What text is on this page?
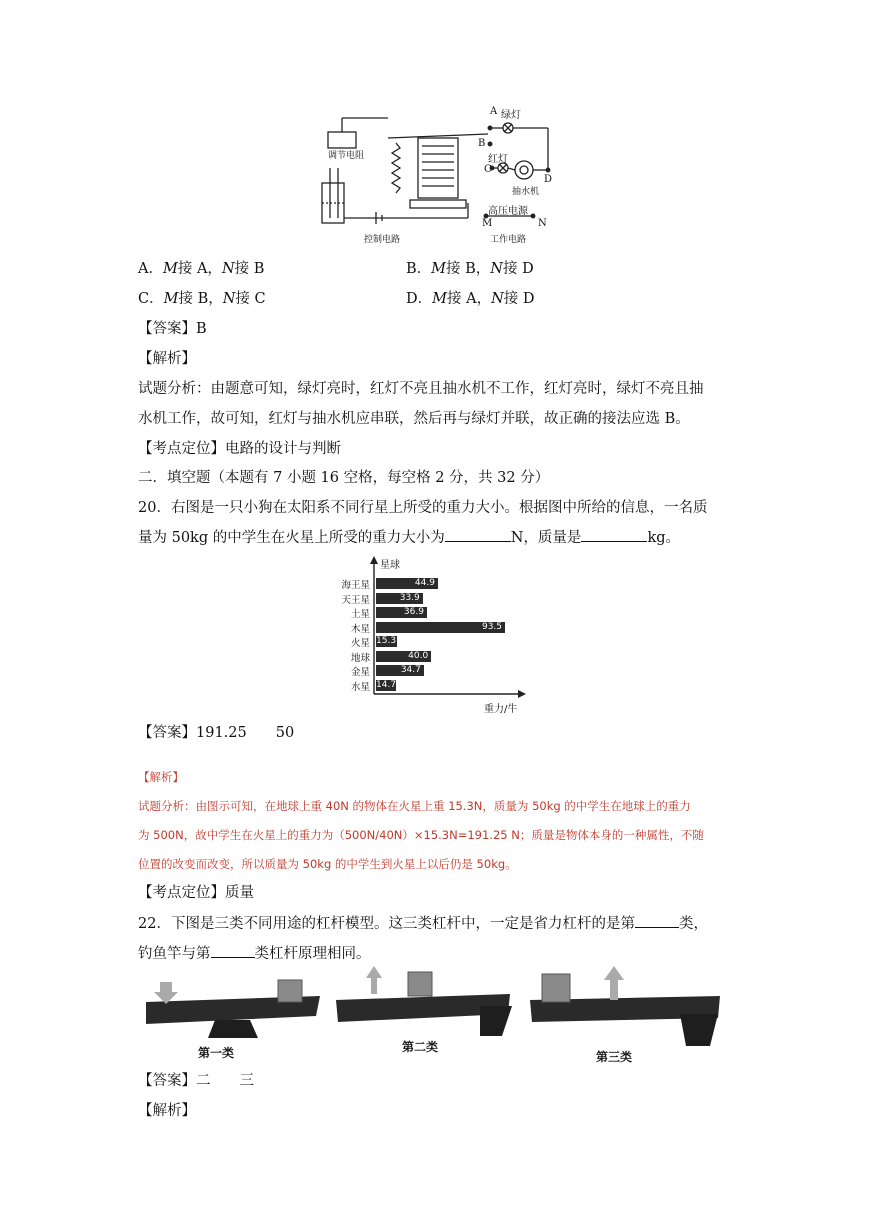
A 绿灯
B
红灯
C
D
抽水机
调节电阻
高压电源
M	N
控制电路	工作电路
A．M接 A，N接 B	B．M接 B，N接 D
C．M接 B，N接 C	D．M接 A，N接 D
【答案】B
【解析】
试题分析：由题意可知，绿灯亮时，红灯不亮且抽水机不工作，红灯亮时，绿灯不亮且抽
水机工作，故可知，红灯与抽水机应串联，然后再与绿灯并联，故正确的接法应选 B。
【考点定位】电路的设计与判断
二．填空题（本题有 7 小题 16 空格，每空格 2 分，共 32 分）
20．右图是一只小狗在太阳系不同行星上所受的重力大小。根据图中所给的信息，一名质
量为 50kg 的中学生在火星上所受的重力大小为	N，质量是	kg。
星球
重力/牛
海王星	44.9
天王星	33.9
土星	36.9
木星	93.5
火星 15.3
地球	40.0
金星	34.7
水星 14.7
【答案】191.25　　50
【解析】
试题分析：由图示可知，在地球上重 40N 的物体在火星上重 15.3N，质量为 50kg 的中学生在地球上的重力
为 500N，故中学生在火星上的重力为（500N/40N）×15.3N=191.25 N；质量是物体本身的一种属性，不随
位置的改变而改变，所以质量为 50kg 的中学生到火星上以后仍是 50kg。
【考点定位】质量
22．下图是三类不同用途的杠杆模型。这三类杠杆中，一定是省力杠杆的是第	类，
钓鱼竿与第	类杠杆原理相同。
第一类	第二类
第三类
【答案】二　　三
【解析】
